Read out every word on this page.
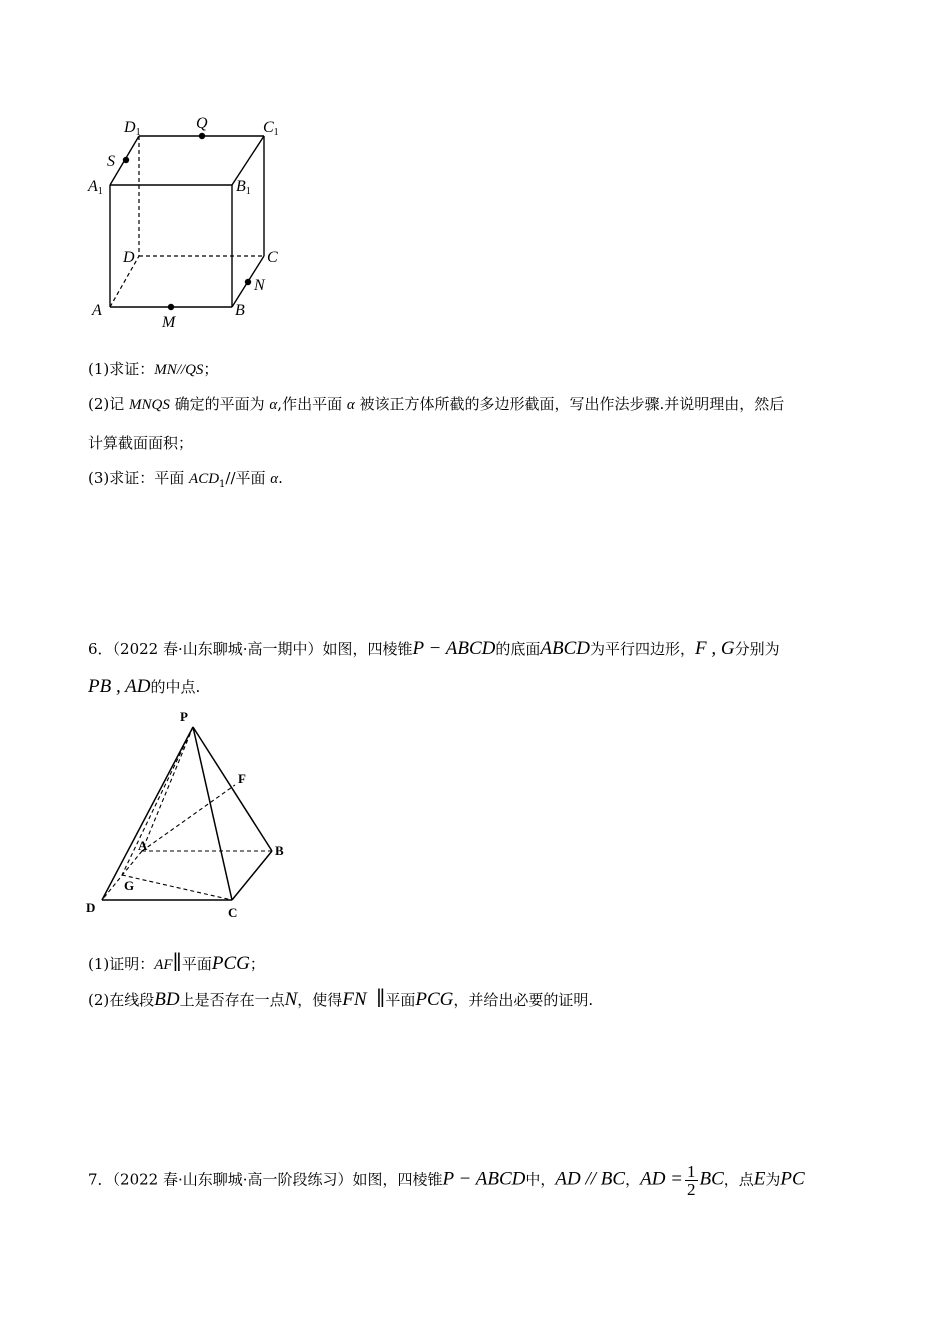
D1
Q	C1
S
A1	B1
D	C
N
A
M
B
(1)求证：MN//QS；
(2)记 MNQS 确定的平面为 α,作出平面 α 被该正方体所截的多边形截面，写出作法步骤.并说明理由，然后
计算截面面积；
(3)求证：平面 $ACD_1//$平面 α.
6．（2022 春·山东聊城·高一期中）如图，四棱锥P − ABCD的底面ABCD为平行四边形，F , G分别为
PB , AD的中点.
P
F
A	B
G
D	C
(1)证明：AF∥平面PCG；
(2)在线段BD上是否存在一点N，使得FN ∥平面PCG，并给出必要的证明.
7．（2022 春·山东聊城·高一阶段练习）如图，四棱锥P − ABCD中，AD // BC，AD = $\frac{1}{2}$ BC，点E为PC
